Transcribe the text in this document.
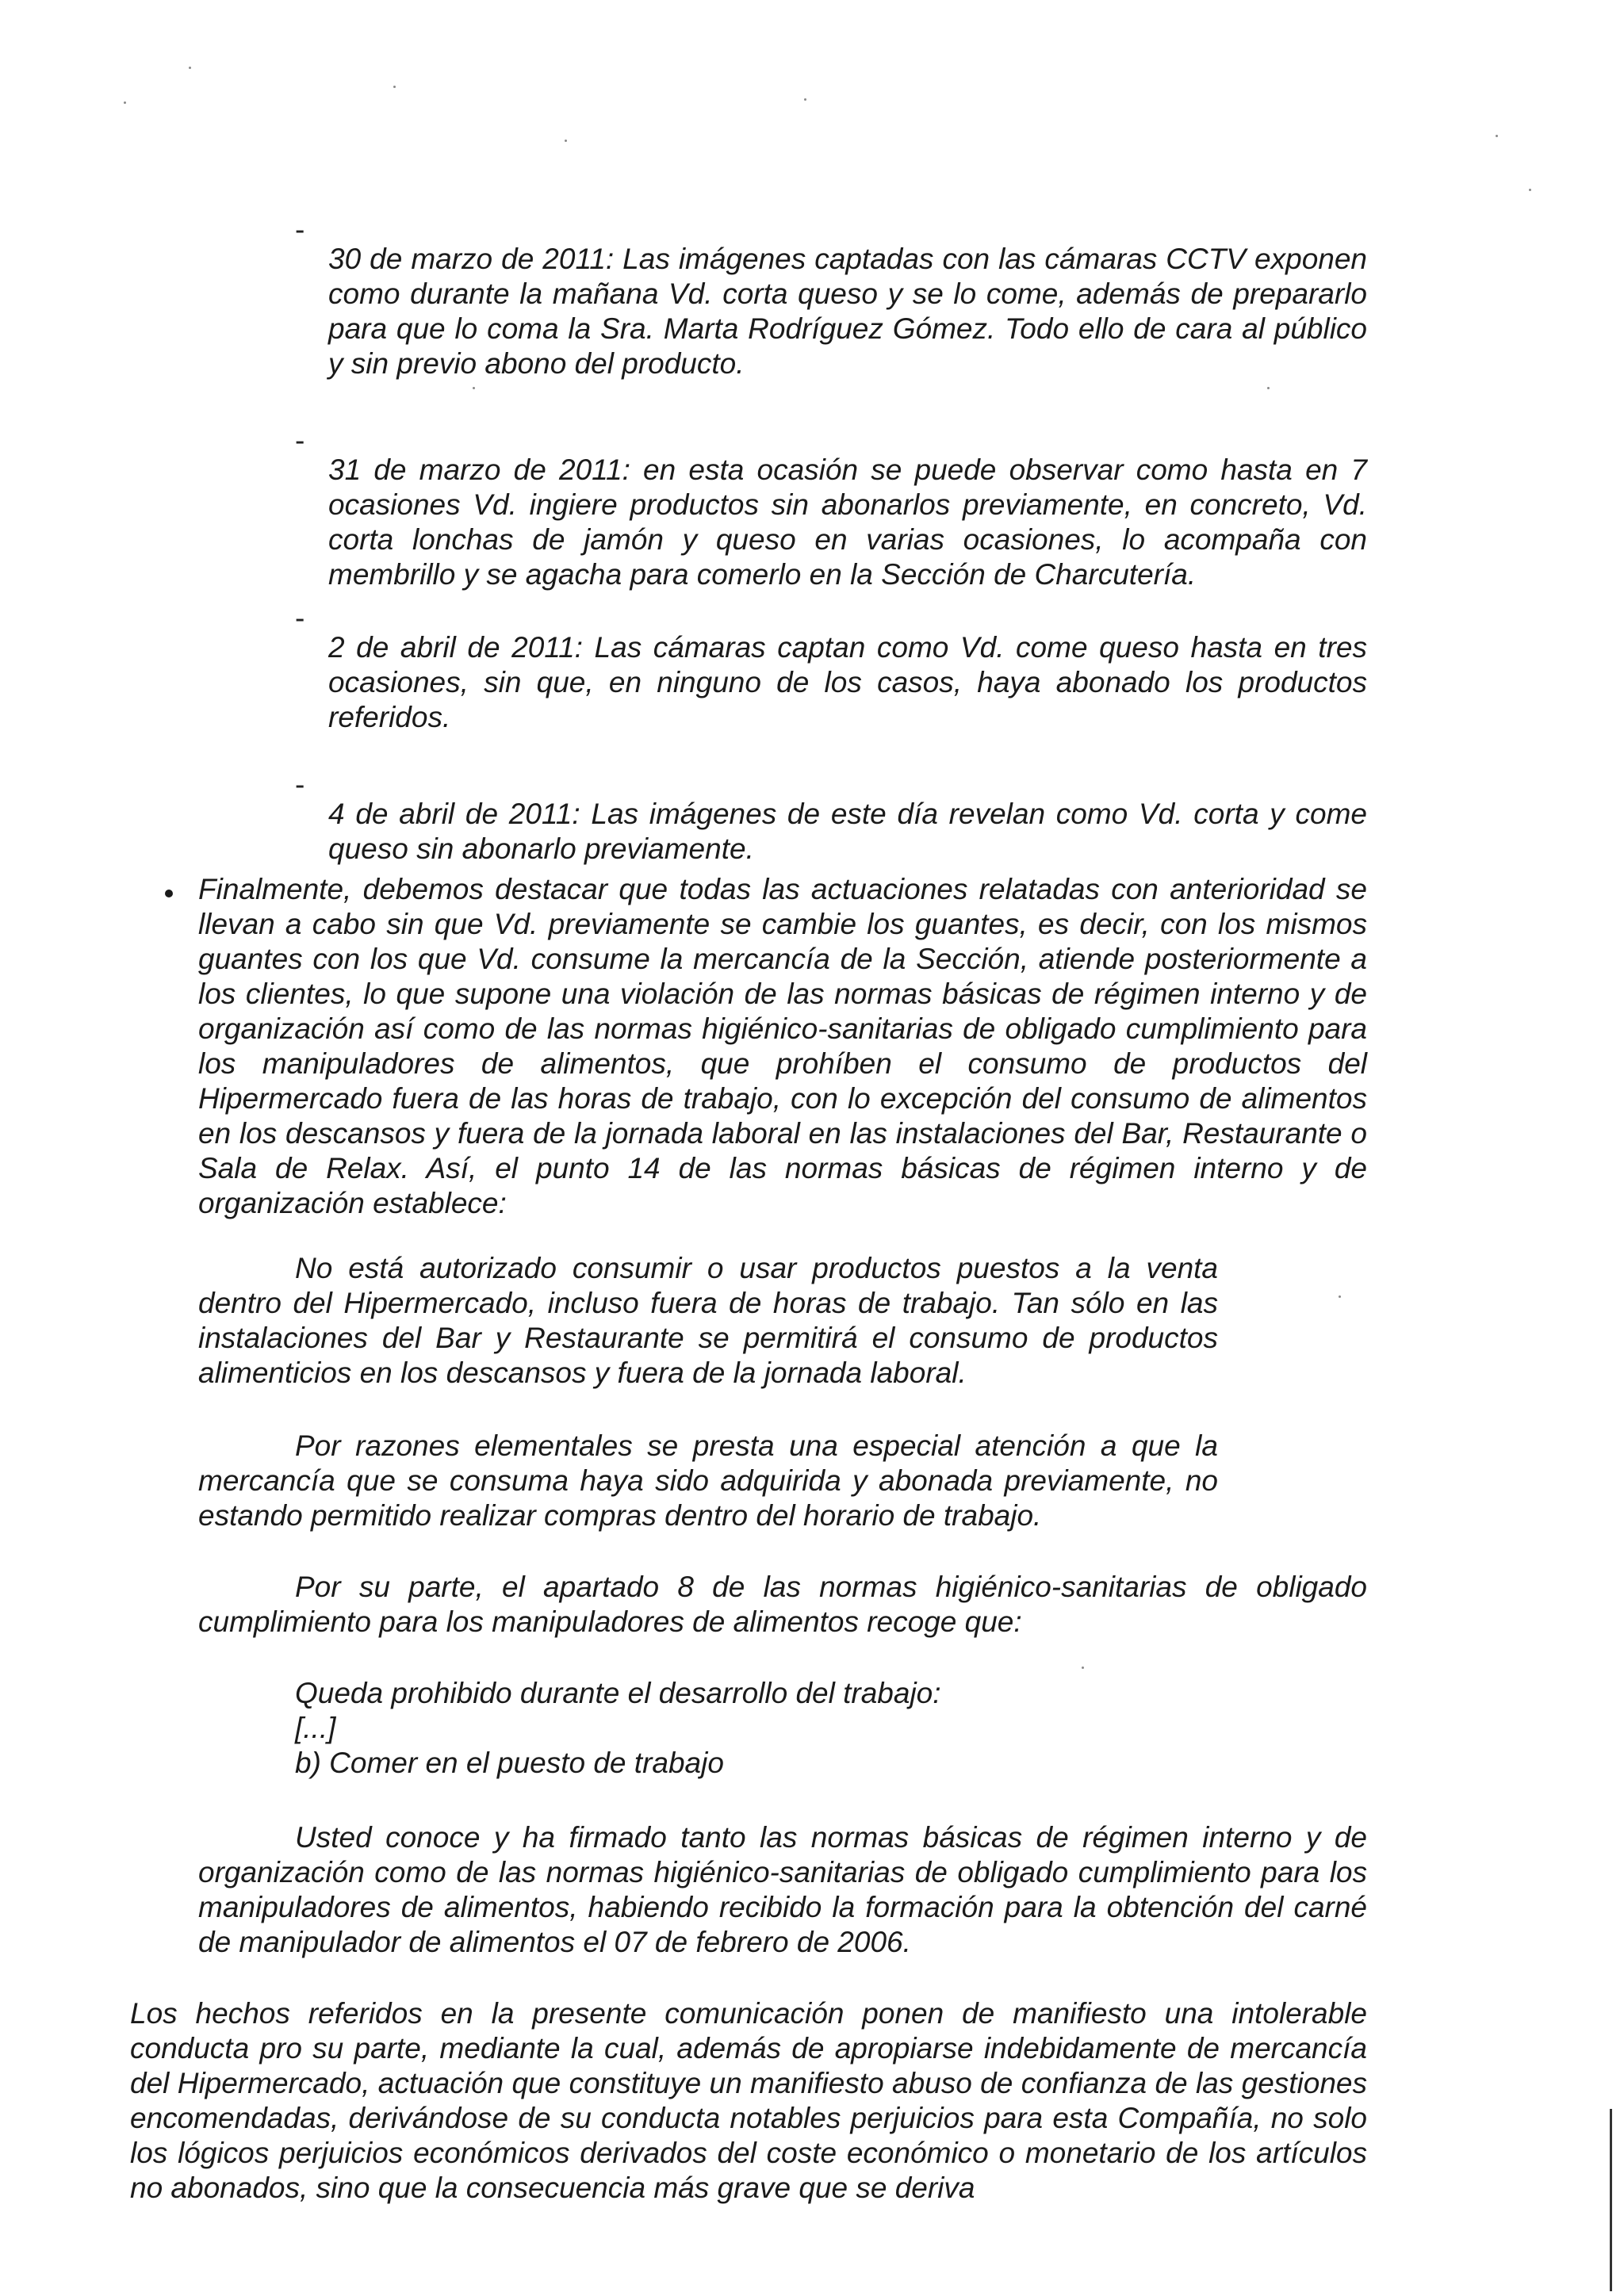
-

30 de marzo de 2011: Las imágenes captadas con las cámaras CCTV exponen como durante la mañana Vd. corta queso y se lo come, además de prepararlo para que lo coma la Sra. Marta Rodríguez Gómez. Todo ello de cara al público y sin previo abono del producto.

-

31 de marzo de 2011: en esta ocasión se puede observar como hasta en 7 ocasiones Vd. ingiere productos sin abonarlos previamente, en concreto, Vd. corta lonchas de jamón y queso en varias ocasiones, lo acompaña con membrillo y se agacha para comerlo en la Sección de Charcutería.

-

2 de abril de 2011: Las cámaras captan como Vd. come queso hasta en tres ocasiones, sin que, en ninguno de los casos, haya abonado los productos referidos.

-

4 de abril de 2011: Las imágenes de este día revelan como Vd. corta y come queso sin abonarlo previamente.

Finalmente, debemos destacar que todas las actuaciones relatadas con anterioridad se llevan a cabo sin que Vd. previamente se cambie los guantes, es decir, con los mismos guantes con los que Vd. consume la mercancía de la Sección, atiende posteriormente a los clientes, lo que supone una violación de las normas básicas de régimen interno y de organización así como de las normas higiénico-sanitarias de obligado cumplimiento para los manipuladores de alimentos, que prohíben el consumo de productos del Hipermercado fuera de las horas de trabajo, con lo excepción del consumo de alimentos en los descansos y fuera de la jornada laboral en las instalaciones del Bar, Restaurante o Sala de Relax. Así, el punto 14 de las normas básicas de régimen interno y de organización establece:

No está autorizado consumir o usar productos puestos a la venta dentro del Hipermercado, incluso fuera de horas de trabajo. Tan sólo en las instalaciones del Bar y Restaurante se permitirá el consumo de productos alimenticios en los descansos y fuera de la jornada laboral.

Por razones elementales se presta una especial atención a que la mercancía que se consuma haya sido adquirida y abonada previamente, no estando permitido realizar compras dentro del horario de trabajo.

Por su parte, el apartado 8 de las normas higiénico-sanitarias de obligado cumplimiento para los manipuladores de alimentos recoge que:

Queda prohibido durante el desarrollo del trabajo:
[...]
b) Comer en el puesto de trabajo

Usted conoce y ha firmado tanto las normas básicas de régimen interno y de organización como de las normas higiénico-sanitarias de obligado cumplimiento para los manipuladores de alimentos, habiendo recibido la formación para la obtención del carné de manipulador de alimentos el 07 de febrero de 2006.

Los hechos referidos en la presente comunicación ponen de manifiesto una intolerable conducta pro su parte, mediante la cual, además de apropiarse indebidamente de mercancía del Hipermercado, actuación que constituye un manifiesto abuso de confianza de las gestiones encomendadas, derivándose de su conducta notables perjuicios para esta Compañía, no solo los lógicos perjuicios económicos derivados del coste económico o monetario de los artículos no abonados, sino que la consecuencia más grave que se deriva
